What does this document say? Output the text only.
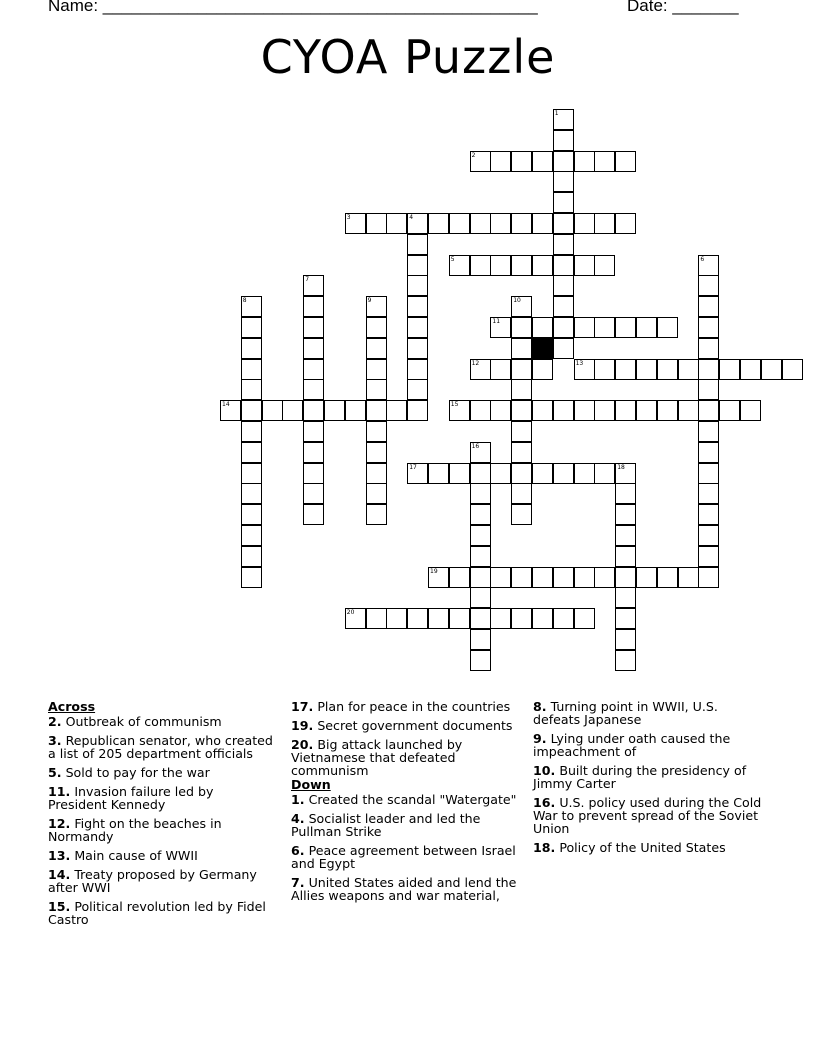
Name: ______________________________________________	Date: _______
CYOA Puzzle
1
2
3	4
5	6
7
8	9	10
11
12	13
14	15
16
17	18
19
20
Across
2. Outbreak of communism
3. Republican senator, who created a list of 205 department officials
5. Sold to pay for the war
11. Invasion failure led by President Kennedy
12. Fight on the beaches in Normandy
13. Main cause of WWII
14. Treaty proposed by Germany after WWI
15. Political revolution led by Fidel Castro
17. Plan for peace in the countries
19. Secret government documents
20. Big attack launched by Vietnamese that defeated communism
Down
1. Created the scandal "Watergate"
4. Socialist leader and led the Pullman Strike
6. Peace agreement between Israel and Egypt
7. United States aided and lend the Allies weapons and war material,
8. Turning point in WWII, U.S. defeats Japanese
9. Lying under oath caused the impeachment of
10. Built during the presidency of Jimmy Carter
16. U.S. policy used during the Cold War to prevent spread of the Soviet Union
18. Policy of the United States
